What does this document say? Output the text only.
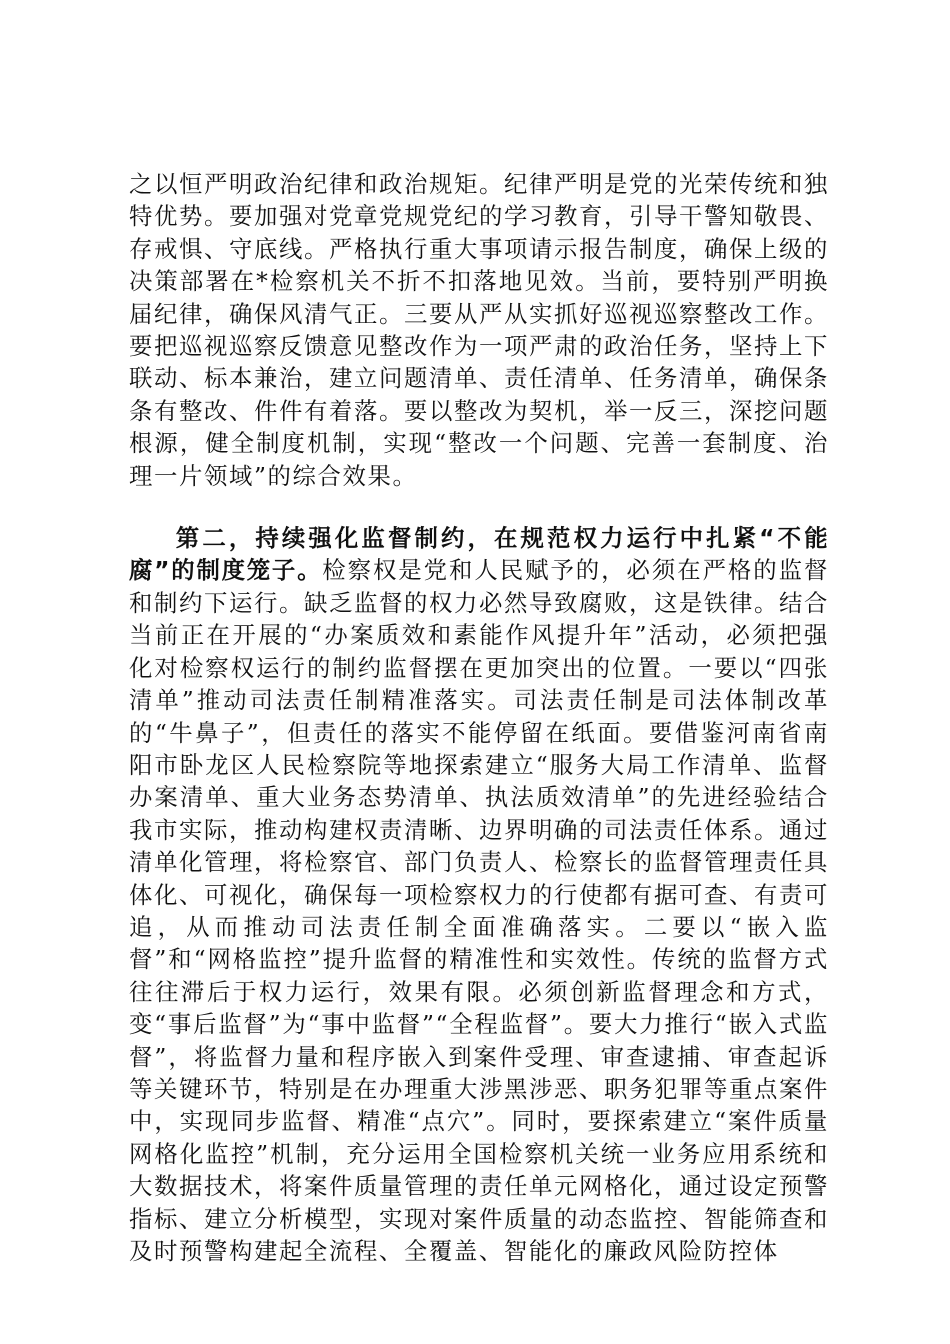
之以恒严明政治纪律和政治规矩。纪律严明是党的光荣传统和独特优势。要加强对党章党规党纪的学习教育，引导干警知敬畏、存戒惧、守底线。严格执行重大事项请示报告制度，确保上级的决策部署在*检察机关不折不扣落地见效。当前，要特别严明换届纪律，确保风清气正。三要从严从实抓好巡视巡察整改工作。要把巡视巡察反馈意见整改作为一项严肃的政治任务，坚持上下联动、标本兼治，建立问题清单、责任清单、任务清单，确保条条有整改、件件有着落。要以整改为契机，举一反三，深挖问题根源，健全制度机制，实现“整改一个问题、完善一套制度、治理一片领域”的综合效果。

第二，持续强化监督制约，在规范权力运行中扎紧“不能腐”的制度笼子。检察权是党和人民赋予的，必须在严格的监督和制约下运行。缺乏监督的权力必然导致腐败，这是铁律。结合当前正在开展的“办案质效和素能作风提升年”活动，必须把强化对检察权运行的制约监督摆在更加突出的位置。一要以“四张清单”推动司法责任制精准落实。司法责任制是司法体制改革的“牛鼻子”，但责任的落实不能停留在纸面。要借鉴河南省南阳市卧龙区人民检察院等地探索建立“服务大局工作清单、监督办案清单、重大业务态势清单、执法质效清单”的先进经验结合我市实际，推动构建权责清晰、边界明确的司法责任体系。通过清单化管理，将检察官、部门负责人、检察长的监督管理责任具体化、可视化，确保每一项检察权力的行使都有据可查、有责可追，从而推动司法责任制全面准确落实。二要以“嵌入监督”和“网格监控”提升监督的精准性和实效性。传统的监督方式往往滞后于权力运行，效果有限。必须创新监督理念和方式，变“事后监督”为“事中监督”“全程监督”。要大力推行“嵌入式监督”，将监督力量和程序嵌入到案件受理、审查逮捕、审查起诉等关键环节，特别是在办理重大涉黑涉恶、职务犯罪等重点案件中，实现同步监督、精准“点穴”。同时，要探索建立“案件质量网格化监控”机制，充分运用全国检察机关统一业务应用系统和大数据技术，将案件质量管理的责任单元网格化，通过设定预警指标、建立分析模型，实现对案件质量的动态监控、智能筛查和及时预警构建起全流程、全覆盖、智能化的廉政风险防控体
